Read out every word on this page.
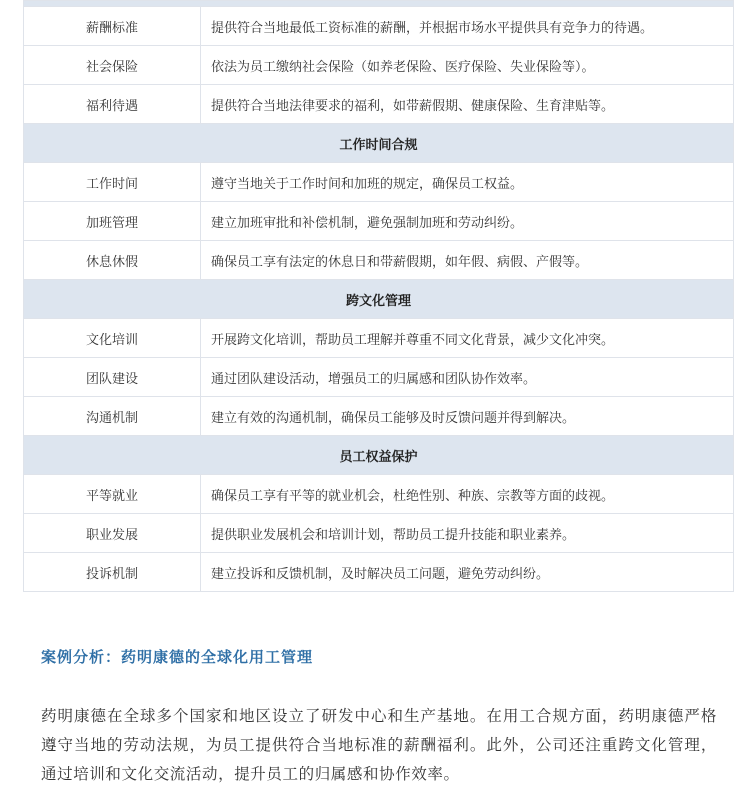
薪酬标准	提供符合当地最低工资标准的薪酬，并根据市场水平提供具有竞争力的待遇。
社会保险	依法为员工缴纳社会保险（如养老保险、医疗保险、失业保险等）。
福利待遇	提供符合当地法律要求的福利，如带薪假期、健康保险、生育津贴等。
工作时间合规	
工作时间	遵守当地关于工作时间和加班的规定，确保员工权益。
加班管理	建立加班审批和补偿机制，避免强制加班和劳动纠纷。
休息休假	确保员工享有法定的休息日和带薪假期，如年假、病假、产假等。
跨文化管理	
文化培训	开展跨文化培训，帮助员工理解并尊重不同文化背景，减少文化冲突。
团队建设	通过团队建设活动，增强员工的归属感和团队协作效率。
沟通机制	建立有效的沟通机制，确保员工能够及时反馈问题并得到解决。
员工权益保护	
平等就业	确保员工享有平等的就业机会，杜绝性别、种族、宗教等方面的歧视。
职业发展	提供职业发展机会和培训计划，帮助员工提升技能和职业素养。
投诉机制	建立投诉和反馈机制，及时解决员工问题，避免劳动纠纷。
案例分析：药明康德的全球化用工管理

药明康德在全球多个国家和地区设立了研发中心和生产基地。在用工合规方面，药明康德严格遵守当地的劳动法规，为员工提供符合当地标准的薪酬福利。此外，公司还注重跨文化管理，通过培训和文化交流活动，提升员工的归属感和协作效率。
